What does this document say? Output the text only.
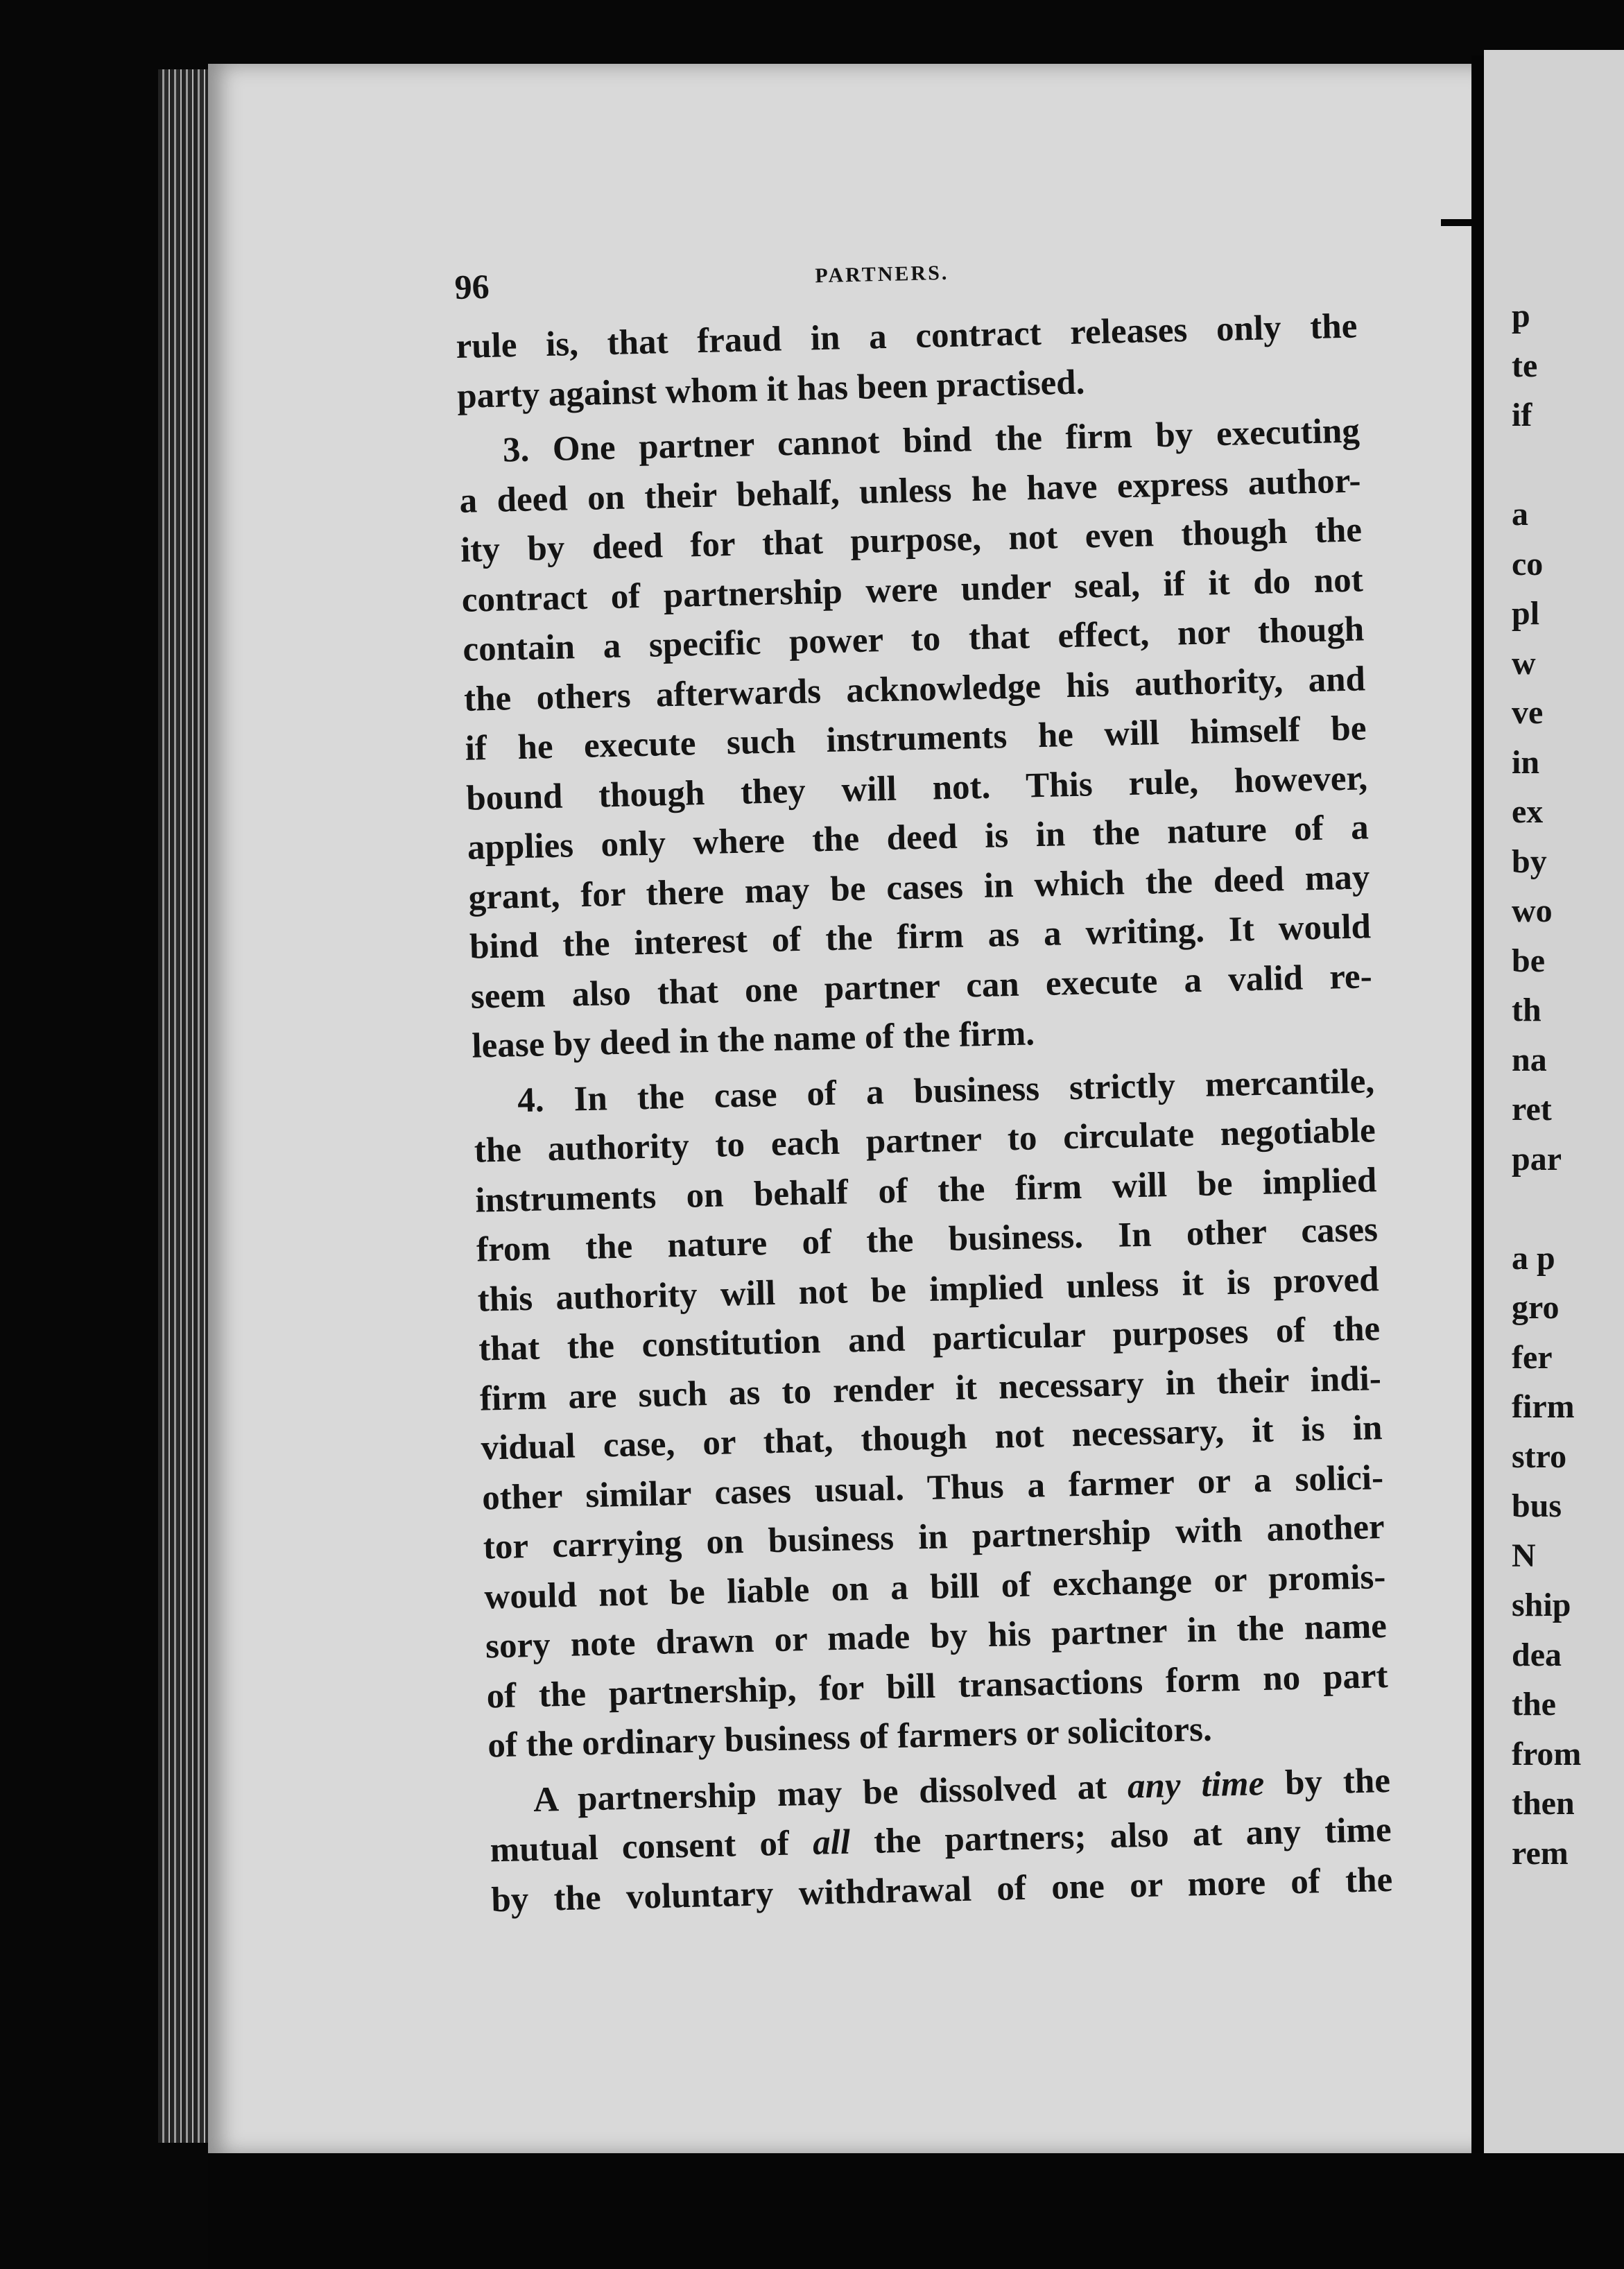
96	PARTNERS.
rule is, that fraud in a contract releases only the
party against whom it has been practised.
3. One partner cannot bind the firm by executing
a deed on their behalf, unless he have express author-
ity by deed for that purpose, not even though the
contract of partnership were under seal, if it do not
contain a specific power to that effect, nor though
the others afterwards acknowledge his authority, and
if he execute such instruments he will himself be
bound though they will not. This rule, however,
applies only where the deed is in the nature of a
grant, for there may be cases in which the deed may
bind the interest of the firm as a writing. It would
seem also that one partner can execute a valid re-
lease by deed in the name of the firm.
4. In the case of a business strictly mercantile,
the authority to each partner to circulate negotiable
instruments on behalf of the firm will be implied
from the nature of the business. In other cases
this authority will not be implied unless it is proved
that the constitution and particular purposes of the
firm are such as to render it necessary in their indi-
vidual case, or that, though not necessary, it is in
other similar cases usual. Thus a farmer or a solici-
tor carrying on business in partnership with another
would not be liable on a bill of exchange or promis-
sory note drawn or made by his partner in the name
of the partnership, for bill transactions form no part
of the ordinary business of farmers or solicitors.
A partnership may be dissolved at any time by the
mutual consent of all the partners; also at any time
by the voluntary withdrawal of one or more of the
p
te
if
a
co
pl
w
ve
in
ex
by
wo
be
th
na
ret
par
a p
gro
fer
firm
stro
bus
N
ship
dea
the
from
then
rem
